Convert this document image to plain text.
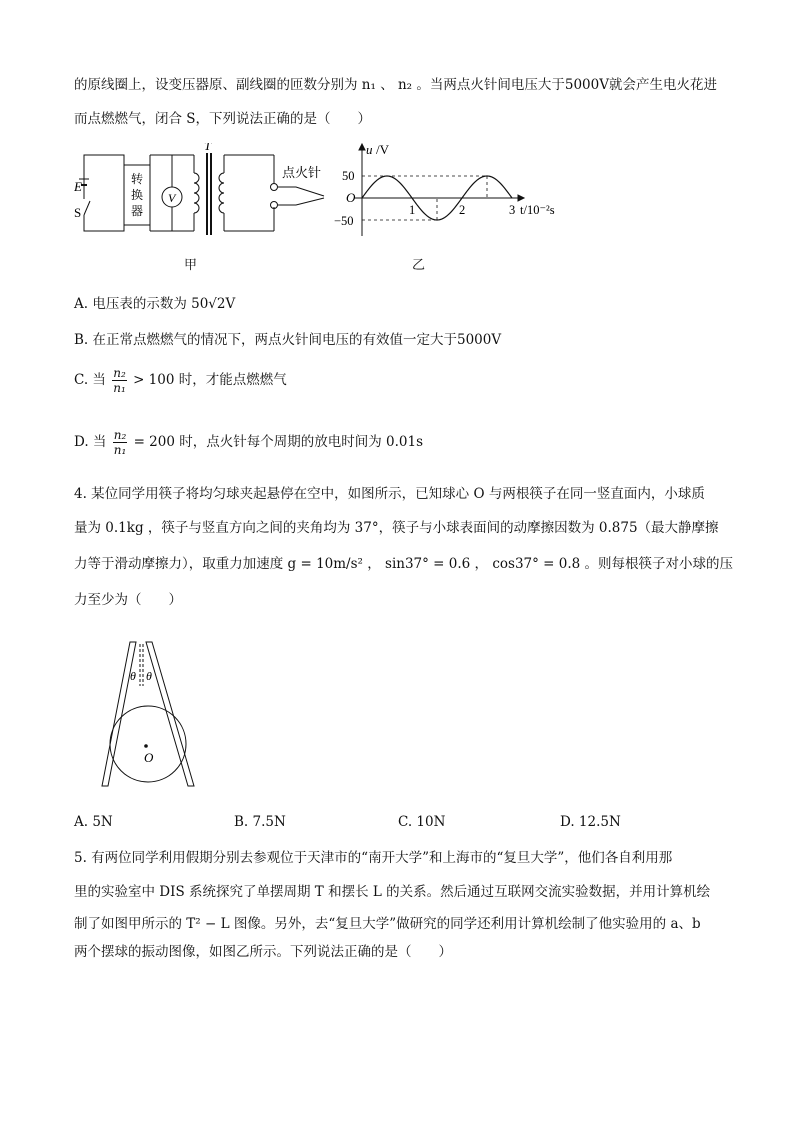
的原线圈上，设变压器原、副线圈的匝数分别为 n₁ 、 n₂ 。当两点火针间电压大于5000V就会产生电火花进
而点燃燃气，闭合 S，下列说法正确的是（　　）
E
S
转
换
器
V
T
点火针
甲
u /V
50
−50
O
1	2	3 t/10⁻²s
乙
A. 电压表的示数为 50√2V
B. 在正常点燃燃气的情况下，两点火针间电压的有效值一定大于5000V
C. 当 $\frac{\text{n₂}}{\text{n₁}} > 100$ 时，才能点燃燃气
D. 当 $\frac{\text{n₂}}{\text{n₁}} = 200$ 时，点火针每个周期的放电时间为 0.01s
4. 某位同学用筷子将均匀球夹起悬停在空中，如图所示，已知球心 O 与两根筷子在同一竖直面内，小球质
量为 0.1kg ，筷子与竖直方向之间的夹角均为 37°，筷子与小球表面间的动摩擦因数为 0.875（最大静摩擦
力等于滑动摩擦力），取重力加速度 g = 10m/s² ， sin37° = 0.6 ， cos37° = 0.8 。则每根筷子对小球的压
力至少为（　　）
θ θ
O
A. 5N	B. 7.5N	C. 10N	D. 12.5N
5. 有两位同学利用假期分别去参观位于天津市的“南开大学”和上海市的“复旦大学”，他们各自利用那
里的实验室中 DIS 系统探究了单摆周期 T 和摆长 L 的关系。然后通过互联网交流实验数据，并用计算机绘
制了如图甲所示的 T² − L 图像。另外，去“复旦大学”做研究的同学还利用计算机绘制了他实验用的 a、b
两个摆球的振动图像，如图乙所示。下列说法正确的是（　　）
